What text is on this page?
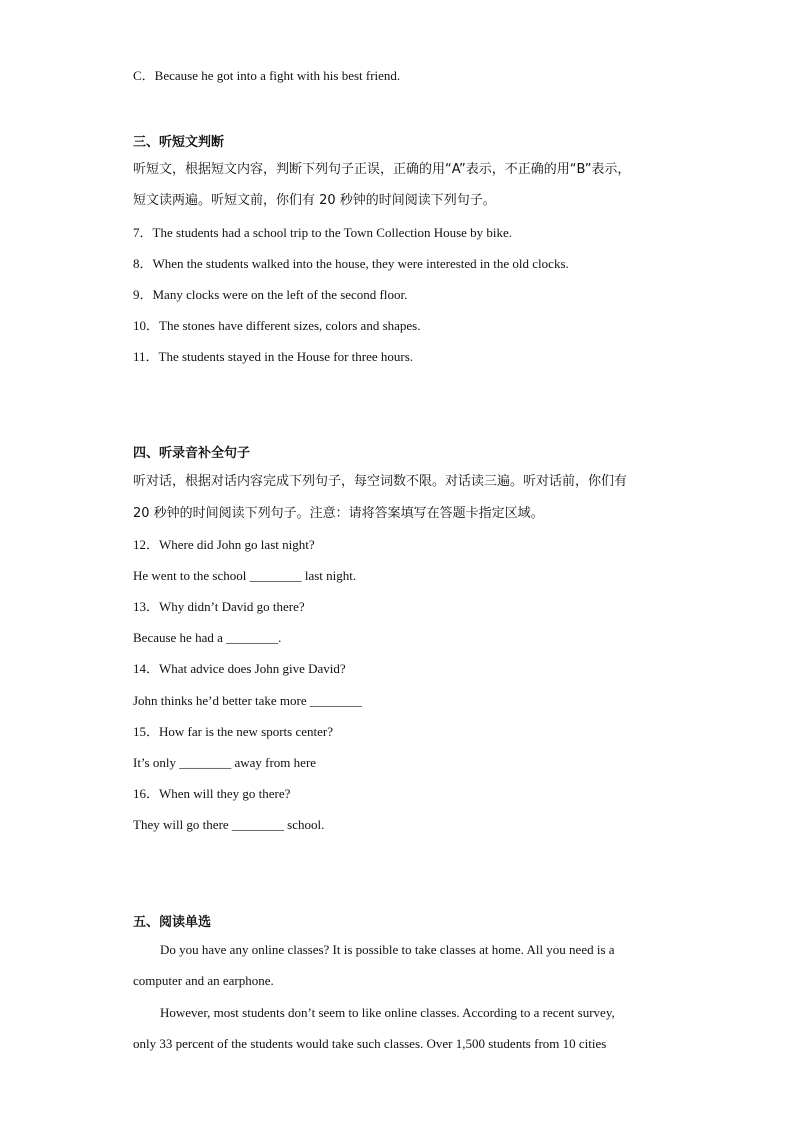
C．Because he got into a fight with his best friend.
三、听短文判断
听短文，根据短文内容，判断下列句子正误，正确的用“A”表示，不正确的用“B”表示，
短文读两遍。听短文前，你们有 20 秒钟的时间阅读下列句子。
7．The students had a school trip to the Town Collection House by bike.
8．When the students walked into the house, they were interested in the old clocks.
9．Many clocks were on the left of the second floor.
10．The stones have different sizes, colors and shapes.
11．The students stayed in the House for three hours.
四、听录音补全句子
听对话，根据对话内容完成下列句子，每空词数不限。对话读三遍。听对话前，你们有
20 秒钟的时间阅读下列句子。注意：请将答案填写在答题卡指定区域。
12．Where did John go last night?
He went to the school ________ last night.
13．Why didn’t David go there?
Because he had a ________.
14．What advice does John give David?
John thinks he’d better take more ________
15．How far is the new sports center?
It’s only ________ away from here
16．When will they go there?
They will go there ________ school.
五、阅读单选
Do you have any online classes? It is possible to take classes at home. All you need is a
computer and an earphone.
However, most students don’t seem to like online classes. According to a recent survey,
only 33 percent of the students would take such classes. Over 1,500 students from 10 cities
